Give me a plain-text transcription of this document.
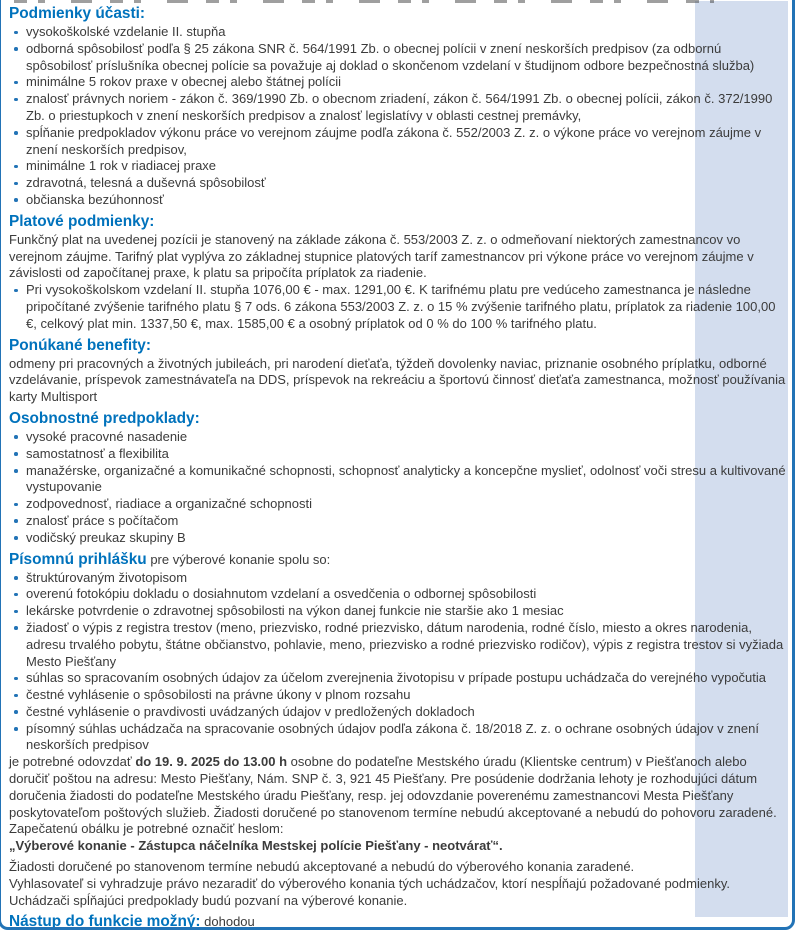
Podmienky účasti:
vysokoškolské vzdelanie II. stupňa
odborná spôsobilosť podľa § 25 zákona SNR č. 564/1991 Zb. o obecnej polícii v znení neskorších predpisov (za odbornú spôsobilosť príslušníka obecnej polície sa považuje aj doklad o skončenom vzdelaní v študijnom odbore bezpečnostná služba)
minimálne 5 rokov praxe v obecnej alebo štátnej polícii
znalosť právnych noriem - zákon č. 369/1990 Zb. o obecnom zriadení, zákon č. 564/1991 Zb. o obecnej polícii, zákon č. 372/1990 Zb. o priestupkoch v znení neskorších predpisov a znalosť legislatívy v oblasti cestnej premávky,
spĺňanie predpokladov výkonu práce vo verejnom záujme podľa zákona č. 552/2003 Z. z. o výkone práce vo verejnom záujme v znení neskorších predpisov,
minimálne 1 rok v riadiacej praxe
zdravotná, telesná a duševná spôsobilosť
občianska bezúhonnosť
Platové podmienky:
Funkčný plat na uvedenej pozícii je stanovený na základe zákona č. 553/2003 Z. z. o odmeňovaní niektorých zamestnancov vo verejnom záujme. Tarifný plat vyplýva zo základnej stupnice platových taríf zamestnancov pri výkone práce vo verejnom záujme v závislosti od započítanej praxe, k platu sa pripočíta príplatok za riadenie.
Pri vysokoškolskom vzdelaní II. stupňa 1076,00 € - max. 1291,00 €. K tarifnému platu pre vedúceho zamestnanca je následne pripočítané zvýšenie tarifného platu § 7 ods. 6 zákona 553/2003 Z. z. o 15 % zvýšenie tarifného platu, príplatok za riadenie 100,00 €, celkový plat min. 1337,50 €, max. 1585,00 € a osobný príplatok od 0 % do 100 % tarifného platu.
Ponúkané benefity:
odmeny pri pracovných a životných jubileách, pri narodení dieťaťa, týždeň dovolenky naviac, priznanie osobného príplatku, odborné vzdelávanie, príspevok zamestnávateľa na DDS, príspevok na rekreáciu a športovú činnosť dieťaťa zamestnanca, možnosť používania karty Multisport
Osobnostné predpoklady:
vysoké pracovné nasadenie
samostatnosť a flexibilita
manažérske, organizačné a komunikačné schopnosti, schopnosť analyticky a koncepčne myslieť, odolnosť voči stresu a kultivované vystupovanie
zodpovednosť, riadiace a organizačné schopnosti
znalosť práce s počítačom
vodičský preukaz skupiny B
Písomnú prihlášku pre výberové konanie spolu so:
štruktúrovaným životopisom
overenú fotokópiu dokladu o dosiahnutom vzdelaní a osvedčenia o odbornej spôsobilosti
lekárske potvrdenie o zdravotnej spôsobilosti na výkon danej funkcie nie staršie ako 1 mesiac
žiadosť o výpis z registra trestov (meno, priezvisko, rodné priezvisko, dátum narodenia, rodné číslo, miesto a okres narodenia, adresu trvalého pobytu, štátne občianstvo, pohlavie, meno, priezvisko a rodné priezvisko rodičov), výpis z registra trestov si vyžiada Mesto Piešťany
súhlas so spracovaním osobných údajov za účelom zverejnenia životopisu v prípade postupu uchádzača do verejného vypočutia
čestné vyhlásenie o spôsobilosti na právne úkony v plnom rozsahu
čestné vyhlásenie o pravdivosti uvádzaných údajov v predložených dokladoch
písomný súhlas uchádzača na spracovanie osobných údajov podľa zákona č. 18/2018 Z. z. o ochrane osobných údajov v znení neskorších predpisov
je potrebné odovzdať do 19. 9. 2025 do 13.00 h osobne do podateľne Mestského úradu (Klientske centrum) v Piešťanoch alebo doručiť poštou na adresu: Mesto Piešťany, Nám. SNP č. 3, 921 45 Piešťany. Pre posúdenie dodržania lehoty je rozhodujúci dátum doručenia žiadosti do podateľne Mestského úradu Piešťany, resp. jej odovzdanie poverenému zamestnancovi Mesta Piešťany poskytovateľom poštových služieb. Žiadosti doručené po stanovenom termíne nebudú akceptované a nebudú do pohovoru zaradené. Zapečatenú obálku je potrebné označiť heslom:
„Výberové konanie - Zástupca náčelníka Mestskej polície Piešťany - neotvárať“.
Žiadosti doručené po stanovenom termíne nebudú akceptované a nebudú do výberového konania zaradené.
Vyhlasovateľ si vyhradzuje právo nezaradiť do výberového konania tých uchádzačov, ktorí nespĺňajú požadované podmienky.
Uchádzači spĺňajúci predpoklady budú pozvaní na výberové konanie.
Nástup do funkcie možný: dohodou
